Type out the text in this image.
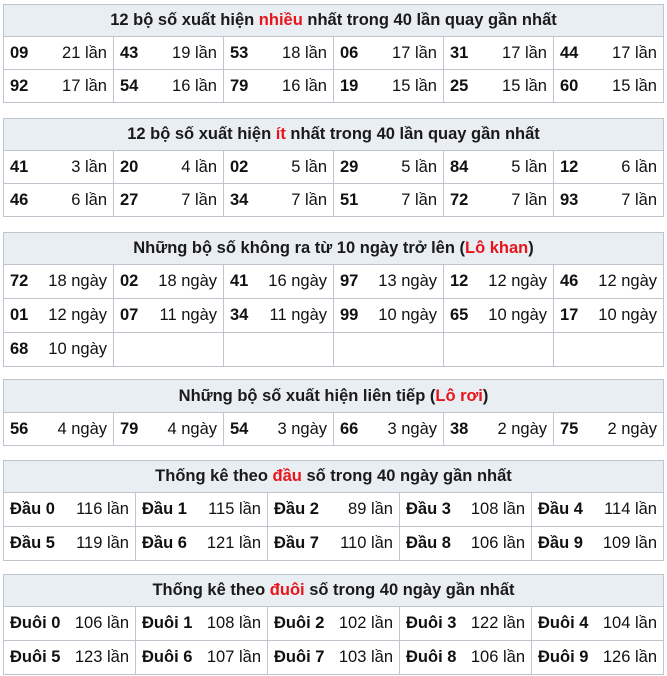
12 bộ số xuất hiện nhiều nhất trong 40 lần quay gần nhất					

09 21 lần	43 19 lần	53 18 lần	06 17 lần	31 17 lần	44 17 lần

92 17 lần	54 16 lần	79 16 lần	19 15 lần	25 15 lần	60 15 lần
12 bộ số xuất hiện ít nhất trong 40 lần quay gần nhất					

41 3 lần	20 4 lần	02 5 lần	29 5 lần	84 5 lần	12 6 lần

46 6 lần	27 7 lần	34 7 lần	51 7 lần	72 7 lần	93 7 lần
Những bộ số không ra từ 10 ngày trở lên (Lô khan)					

72 18 ngày	02 18 ngày	41 16 ngày	97 13 ngày	12 12 ngày	46 12 ngày

01 12 ngày	07 11 ngày	34 11 ngày	99 10 ngày	65 10 ngày	17 10 ngày

68 10 ngày					

Những bộ số xuất hiện liên tiếp (Lô rơi)

56 4 ngày	79 4 ngày	54 3 ngày	66 3 ngày	38 2 ngày	75 2 ngày
Thống kê theo đầu số trong 40 ngày gần nhất				

Đầu 0 116 lần	Đầu 1 115 lần	Đầu 2 89 lần	Đầu 3 108 lần	Đầu 4 114 lần

Đầu 5 119 lần	Đầu 6 121 lần	Đầu 7 110 lần	Đầu 8 106 lần	Đầu 9 109 lần
Thống kê theo đuôi số trong 40 ngày gần nhất				

Đuôi 0 106 lần	Đuôi 1 108 lần	Đuôi 2 102 lần	Đuôi 3 122 lần	Đuôi 4 104 lần

Đuôi 5 123 lần	Đuôi 6 107 lần	Đuôi 7 103 lần	Đuôi 8 106 lần	Đuôi 9 126 lần
